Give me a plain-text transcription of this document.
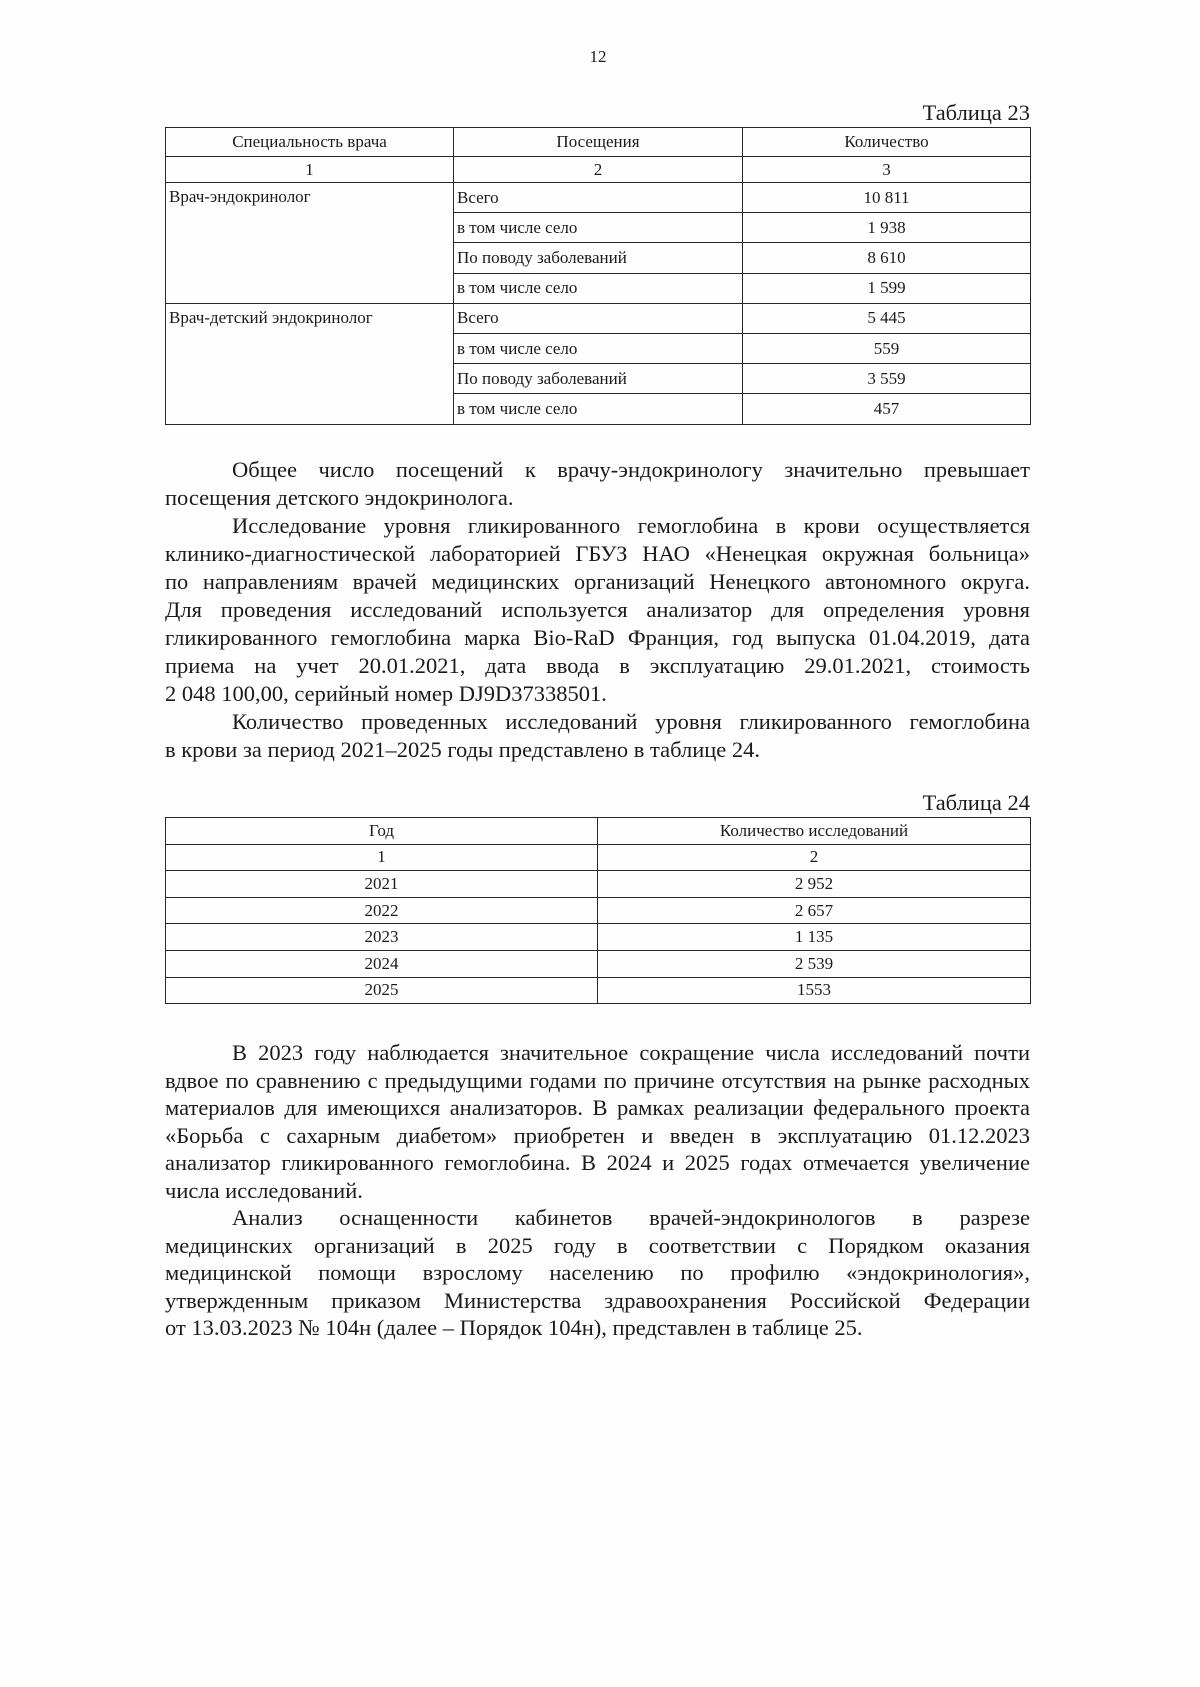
12
Таблица 23
Специальность врача	Посещения	Количество
1	2	3
Врач-эндокринолог	Всего	10 811
	в том числе село	1 938
	По поводу заболеваний	8 610
	в том числе село	1 599
Врач-детский эндокринолог	Всего	5 445
	в том числе село	559
	По поводу заболеваний	3 559
	в том числе село	457
Общее число посещений к врачу-эндокринологу значительно превышает
посещения детского эндокринолога.
Исследование уровня гликированного гемоглобина в крови осуществляется
клинико-диагностической лабораторией ГБУЗ НАО «Ненецкая окружная больница»
по направлениям врачей медицинских организаций Ненецкого автономного округа.
Для проведения исследований используется анализатор для определения уровня
гликированного гемоглобина марка Bio-RaD Франция, год выпуска 01.04.2019, дата
приема на учет 20.01.2021, дата ввода в эксплуатацию 29.01.2021, стоимость
2 048 100,00, серийный номер DJ9D37338501.
Количество проведенных исследований уровня гликированного гемоглобина
в крови за период 2021–2025 годы представлено в таблице 24.
Таблица 24
Год	Количество исследований
1	2
2021	2 952
2022	2 657
2023	1 135
2024	2 539
2025	1553
В 2023 году наблюдается значительное сокращение числа исследований почти
вдвое по сравнению с предыдущими годами по причине отсутствия на рынке расходных
материалов для имеющихся анализаторов. В рамках реализации федерального проекта
«Борьба с сахарным диабетом» приобретен и введен в эксплуатацию 01.12.2023
анализатор гликированного гемоглобина. В 2024 и 2025 годах отмечается увеличение
числа исследований.
Анализ оснащенности кабинетов врачей-эндокринологов в разрезе
медицинских организаций в 2025 году в соответствии с Порядком оказания
медицинской помощи взрослому населению по профилю «эндокринология»,
утвержденным приказом Министерства здравоохранения Российской Федерации
от 13.03.2023 № 104н (далее – Порядок 104н), представлен в таблице 25.
